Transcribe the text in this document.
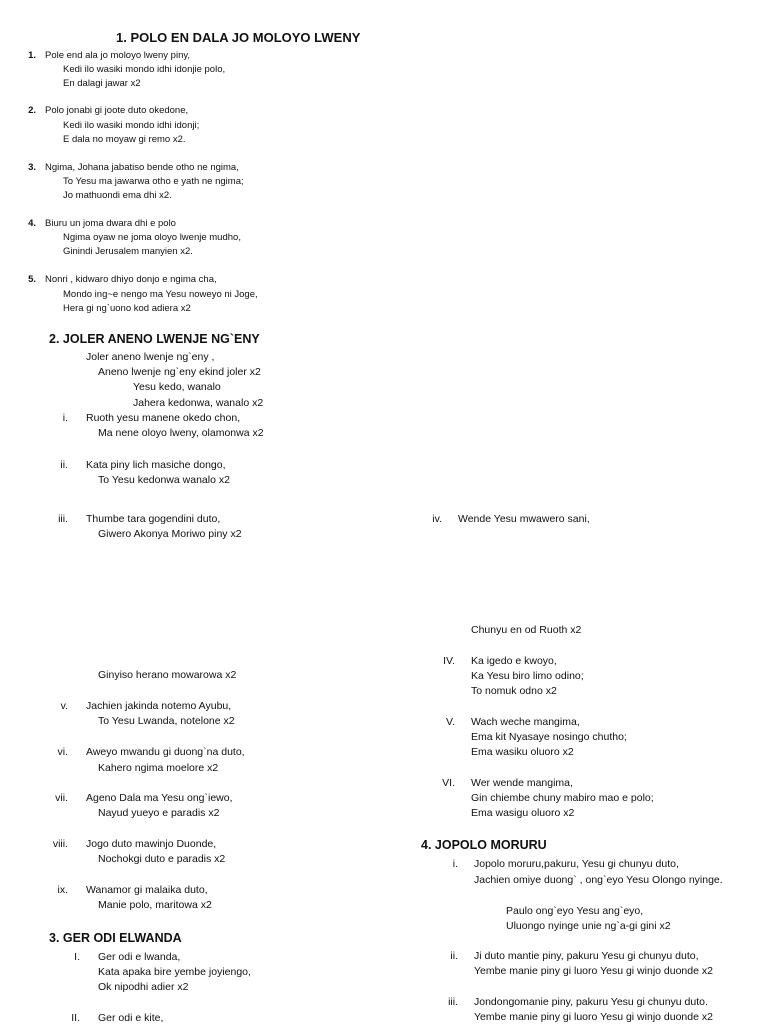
1. POLO EN DALA JO MOLOYO LWENY
1. Pole end ala jo moloyo lweny piny,
Kedi ilo wasiki mondo idhi idonjie polo,
En dalagi jawar x2
2. Polo jonabi gi joote duto okedone,
Kedi ilo wasiki mondo idhi idonji;
E dala no moyaw gi remo x2.
3. Ngima, Johana jabatiso bende otho ne ngima,
To Yesu ma jawarwa otho e yath ne ngima;
Jo mathuondi ema dhi x2.
4. Biuru un joma dwara dhi e polo
Ngima oyaw ne joma oloyo lwenje mudho,
Ginindi Jerusalem manyien x2.
5. Nonri , kidwaro dhiyo donjo e ngima cha,
Mondo ing~e nengo ma Yesu noweyo ni Joge,
Hera gi ng`uono kod adiera x2
2. JOLER ANENO LWENJE NG`ENY
Joler aneno lwenje ng`eny ,
Aneno lwenje ng`eny ekind joler x2
Yesu kedo, wanalo
Jahera kedonwa, wanalo x2
i. Ruoth yesu manene okedo chon,
Ma nene oloyo lweny, olamonwa x2
ii. Kata piny lich masiche dongo,
To Yesu kedonwa wanalo x2
iii. Thumbe tara gogendini duto,
Giwero Akonya Moriwo piny x2
Ginyiso herano mowarowa x2
v. Jachien jakinda notemo Ayubu,
To Yesu Lwanda, notelone x2
vi. Aweyo mwandu gi duong`na duto,
Kahero ngima moelore x2
vii. Ageno Dala ma Yesu ong`iewo,
Nayud yueyo e paradis x2
viii. Jogo duto mawinjo Duonde,
Nochokgi duto e paradis x2
ix. Wanamor gi malaika duto,
Manie polo, maritowa x2
3. GER ODI ELWANDA
I. Ger odi e lwanda,
Kata apaka bire yembe joyiengo,
Ok nipodhi adier x2
II. Ger odi e kite,
iv. Wende Yesu mwawero sani,
Chunyu en od Ruoth x2
IV. Ka igedo e kwoyo,
Ka Yesu biro limo odino;
To nomuk odno x2
V. Wach weche mangima,
Ema kit Nyasaye nosingo chutho;
Ema wasiku oluoro x2
VI. Wer wende mangima,
Gin chiembe chuny mabiro mao e polo;
Ema wasigu oluoro x2
4. JOPOLO MORURU
i. Jopolo moruru,pakuru, Yesu gi chunyu duto,
Jachien omiye duong` , ong`eyo Yesu Olongo nyinge.
Paulo ong`eyo Yesu ang`eyo,
Uluongo nyinge unie ng`a-gi gini x2
ii. Ji duto mantie piny, pakuru Yesu gi chunyu duto,
Yembe manie piny gi luoro Yesu gi winjo duonde x2
iii. Jondongomanie piny, pakuru Yesu gi chunyu duto.
Yembe manie piny gi luoro Yesu gi winjo duonde x2
